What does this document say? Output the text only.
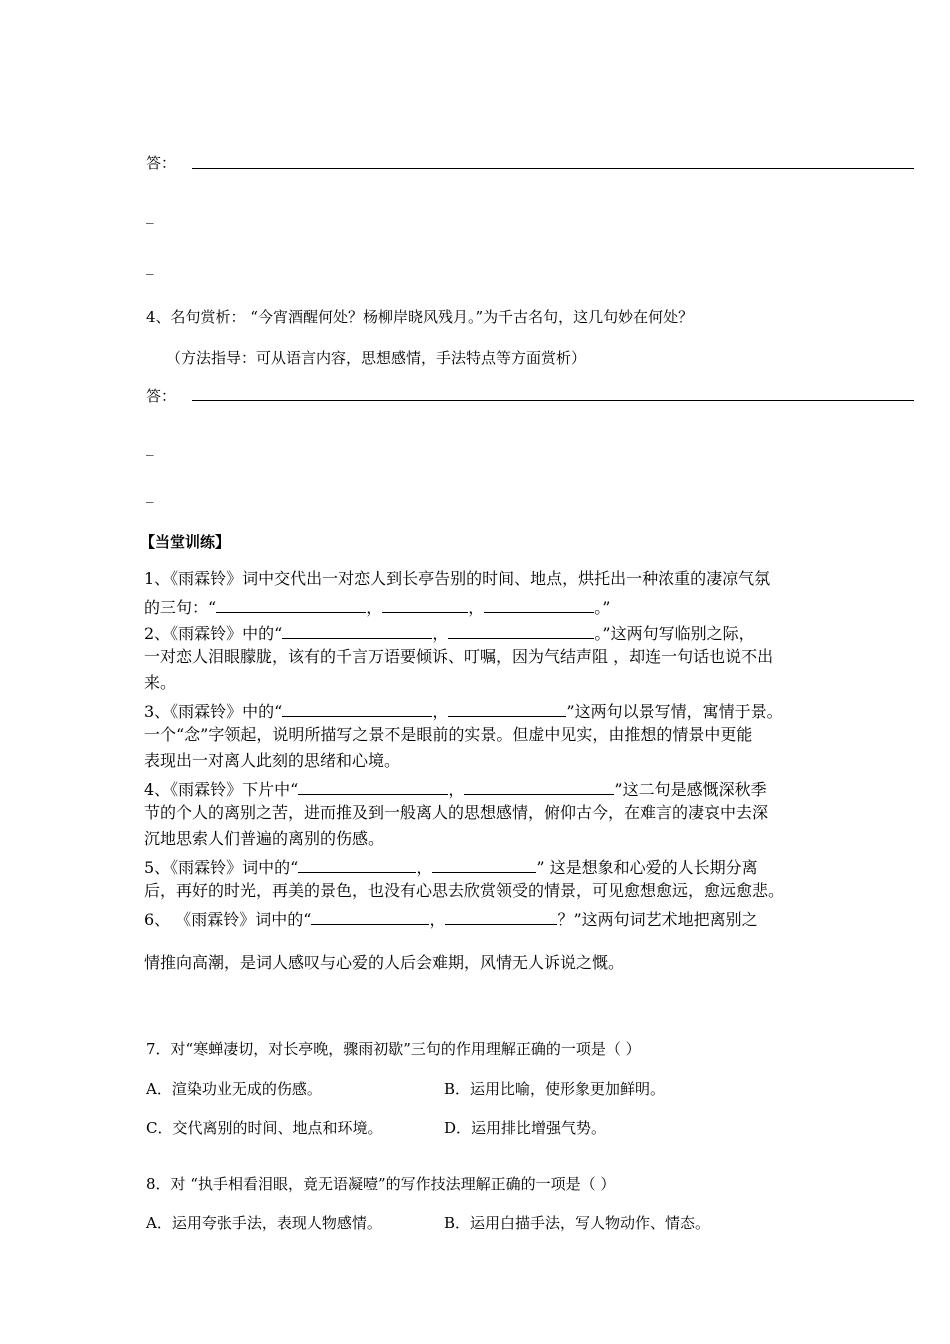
答：
_
_
4、名句赏析： “今宵酒醒何处？杨柳岸晓风残月。”为千古名句，这几句妙在何处？
（方法指导：可从语言内容，思想感情，手法特点等方面赏析）
答：
_
_
【当堂训练】
1、《雨霖铃》词中交代出一对恋人到长亭告别的时间、地点，烘托出一种浓重的凄凉气氛
的三句：“	，	，	。”
2、《雨霖铃》中的“	，	。”这两句写临别之际，
一对恋人泪眼朦胧，该有的千言万语要倾诉、叮嘱，因为气结声阻 ，却连一句话也说不出
来。
3、《雨霖铃》中的“	，	”这两句以景写情，寓情于景。
一个“念”字领起，说明所描写之景不是眼前的实景。但虚中见实，由推想的情景中更能
表现出一对离人此刻的思绪和心境。
4、《雨霖铃》下片中“	，	”这二句是感慨深秋季
节的个人的离别之苦，进而推及到一般离人的思想感情，俯仰古今，在难言的凄哀中去深
沉地思索人们普遍的离别的伤感。
5、《雨霖铃》词中的“	，	” 这是想象和心爱的人长期分离
后，再好的时光，再美的景色，也没有心思去欣赏领受的情景，可见愈想愈远，愈远愈悲。
6、 《雨霖铃》词中的“	，	？”这两句词艺术地把离别之
情推向高潮，是词人感叹与心爱的人后会难期，风情无人诉说之慨。
7．对“寒蝉凄切，对长亭晚，骤雨初歇”三句的作用理解正确的一项是（ ）
A．渲染功业无成的伤感。	B．运用比喻，使形象更加鲜明。
C．交代离别的时间、地点和环境。	D．运用排比增强气势。
8．对 “执手相看泪眼，竟无语凝噎”的写作技法理解正确的一项是（ ）
A．运用夸张手法，表现人物感情。	B．运用白描手法，写人物动作、情态。
